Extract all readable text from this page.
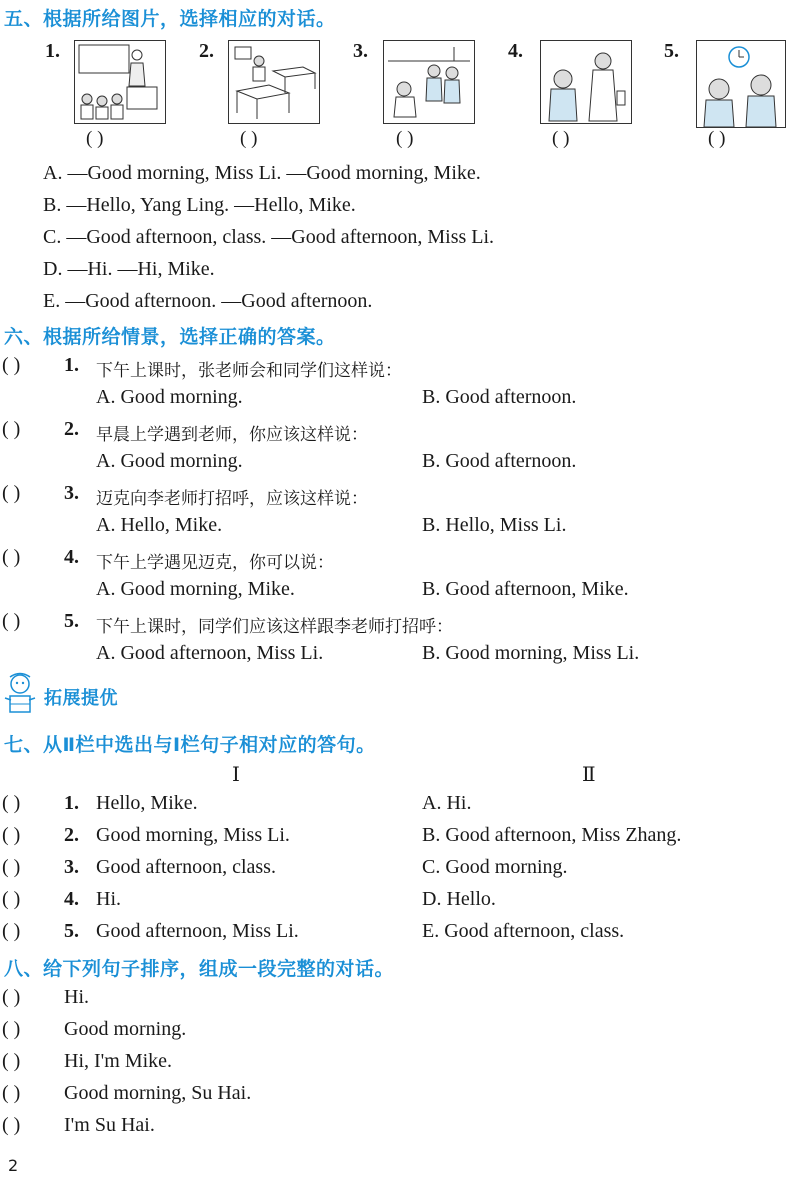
五、根据所给图片，选择相应的对话。
1.	2.	3.	4.	5.
( )	( )	( )	( )	( )
A. —Good morning, Miss Li. —Good morning, Mike.
B. —Hello, Yang Ling. —Hello, Mike.
C. —Good afternoon, class. —Good afternoon, Miss Li.
D. —Hi. —Hi, Mike.
E. —Good afternoon. —Good afternoon.
六、根据所给情景，选择正确的答案。
( ) 1. 下午上课时，张老师会和同学们这样说：
A. Good morning.	B. Good afternoon.
( ) 2. 早晨上学遇到老师，你应该这样说：
A. Good morning.	B. Good afternoon.
( ) 3. 迈克向李老师打招呼，应该这样说：
A. Hello, Mike.	B. Hello, Miss Li.
( ) 4. 下午上学遇见迈克，你可以说：
A. Good morning, Mike.	B. Good afternoon, Mike.
( ) 5. 下午上课时，同学们应该这样跟李老师打招呼：
A. Good afternoon, Miss Li.	B. Good morning, Miss Li.
拓展提优
七、从Ⅱ栏中选出与Ⅰ栏句子相对应的答句。
Ⅰ	Ⅱ
( ) 1. Hello, Mike.	A. Hi.
( ) 2. Good morning, Miss Li.	B. Good afternoon, Miss Zhang.
( ) 3. Good afternoon, class.	C. Good morning.
( ) 4. Hi.	D. Hello.
( ) 5. Good afternoon, Miss Li.	E. Good afternoon, class.
八、给下列句子排序，组成一段完整的对话。
( ) Hi.
( ) Good morning.
( ) Hi, I'm Mike.
( ) Good morning, Su Hai.
( ) I'm Su Hai.
2
